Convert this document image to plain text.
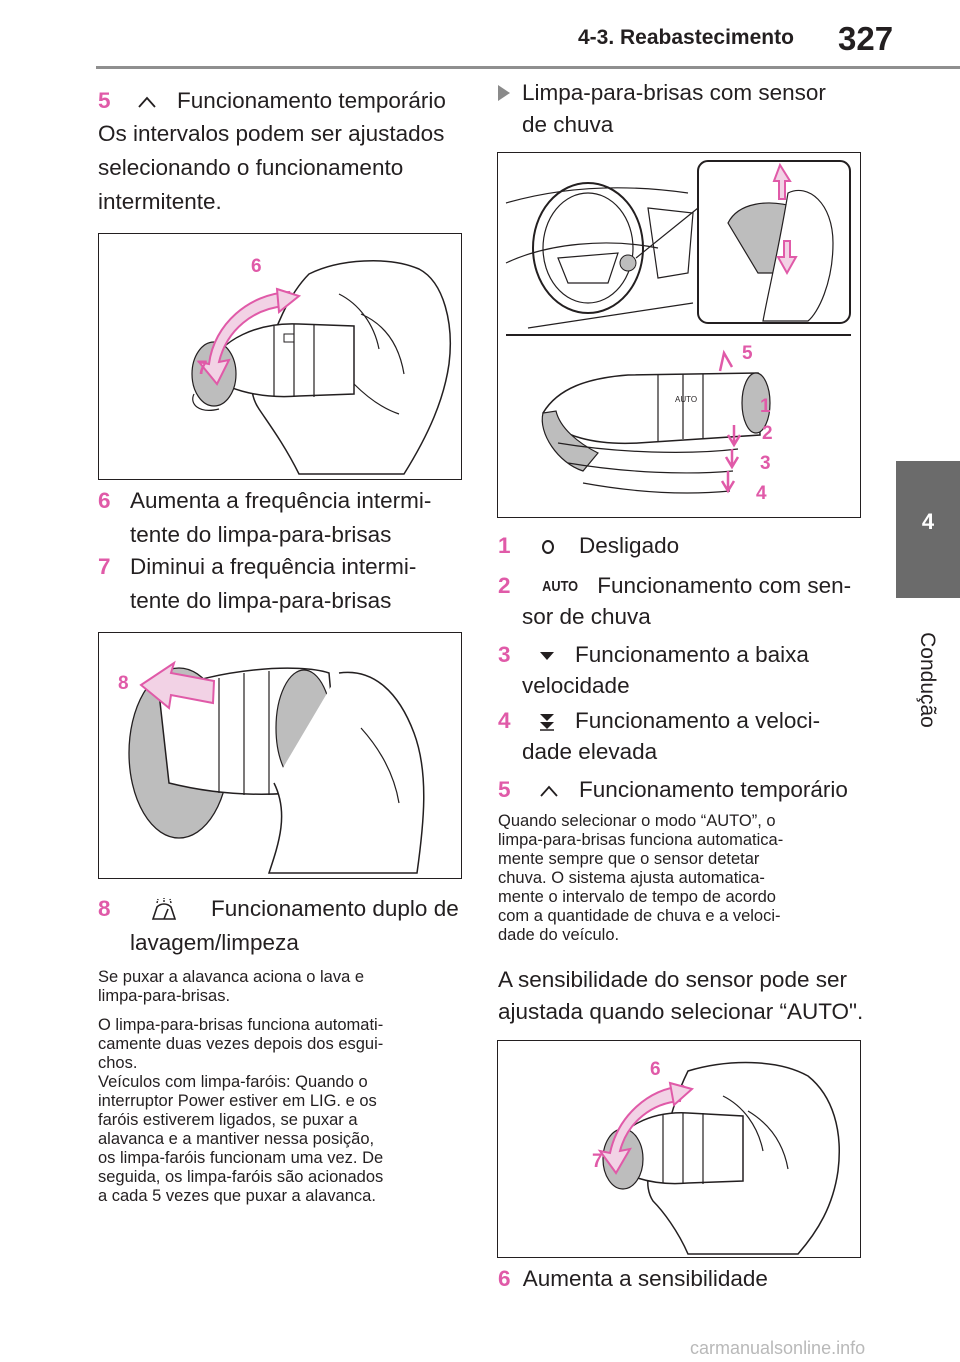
4-3. Reabastecimento 327
4
Condução
5	Funcionamento temporário
Os intervalos podem ser ajustados
selecionando o funcionamento
intermitente.
6
7
6 Aumenta a frequência intermi-
tente do limpa-para-brisas
7 Diminui a frequência intermi-
tente do limpa-para-brisas
8
8	Funcionamento duplo de
lavagem/limpeza
Se puxar a alavanca aciona o lava e
limpa-para-brisas.
O limpa-para-brisas funciona automati-
camente duas vezes depois dos esgui-
chos.
Veículos com limpa-faróis: Quando o
interruptor Power estiver em LIG. e os
faróis estiverem ligados, se puxar a
alavanca e a mantiver nessa posição,
os limpa-faróis funcionam uma vez. De
seguida, os limpa-faróis são acionados
a cada 5 vezes que puxar a alavanca.
Limpa-para-brisas com sensor
de chuva
AUTO
5
1
2
3
4
1	Desligado
2 AUTO Funcionamento com sen-
sor de chuva
3	Funcionamento a baixa
velocidade
4	Funcionamento a veloci-
dade elevada
5	Funcionamento temporário
Quando selecionar o modo “AUTO”, o
limpa-para-brisas funciona automatica-
mente sempre que o sensor detetar
chuva. O sistema ajusta automatica-
mente o intervalo de tempo de acordo
com a quantidade de chuva e a veloci-
dade do veículo.
A sensibilidade do sensor pode ser
ajustada quando selecionar “AUTO".
6
7
6 Aumenta a sensibilidade
carmanualsonline.info
